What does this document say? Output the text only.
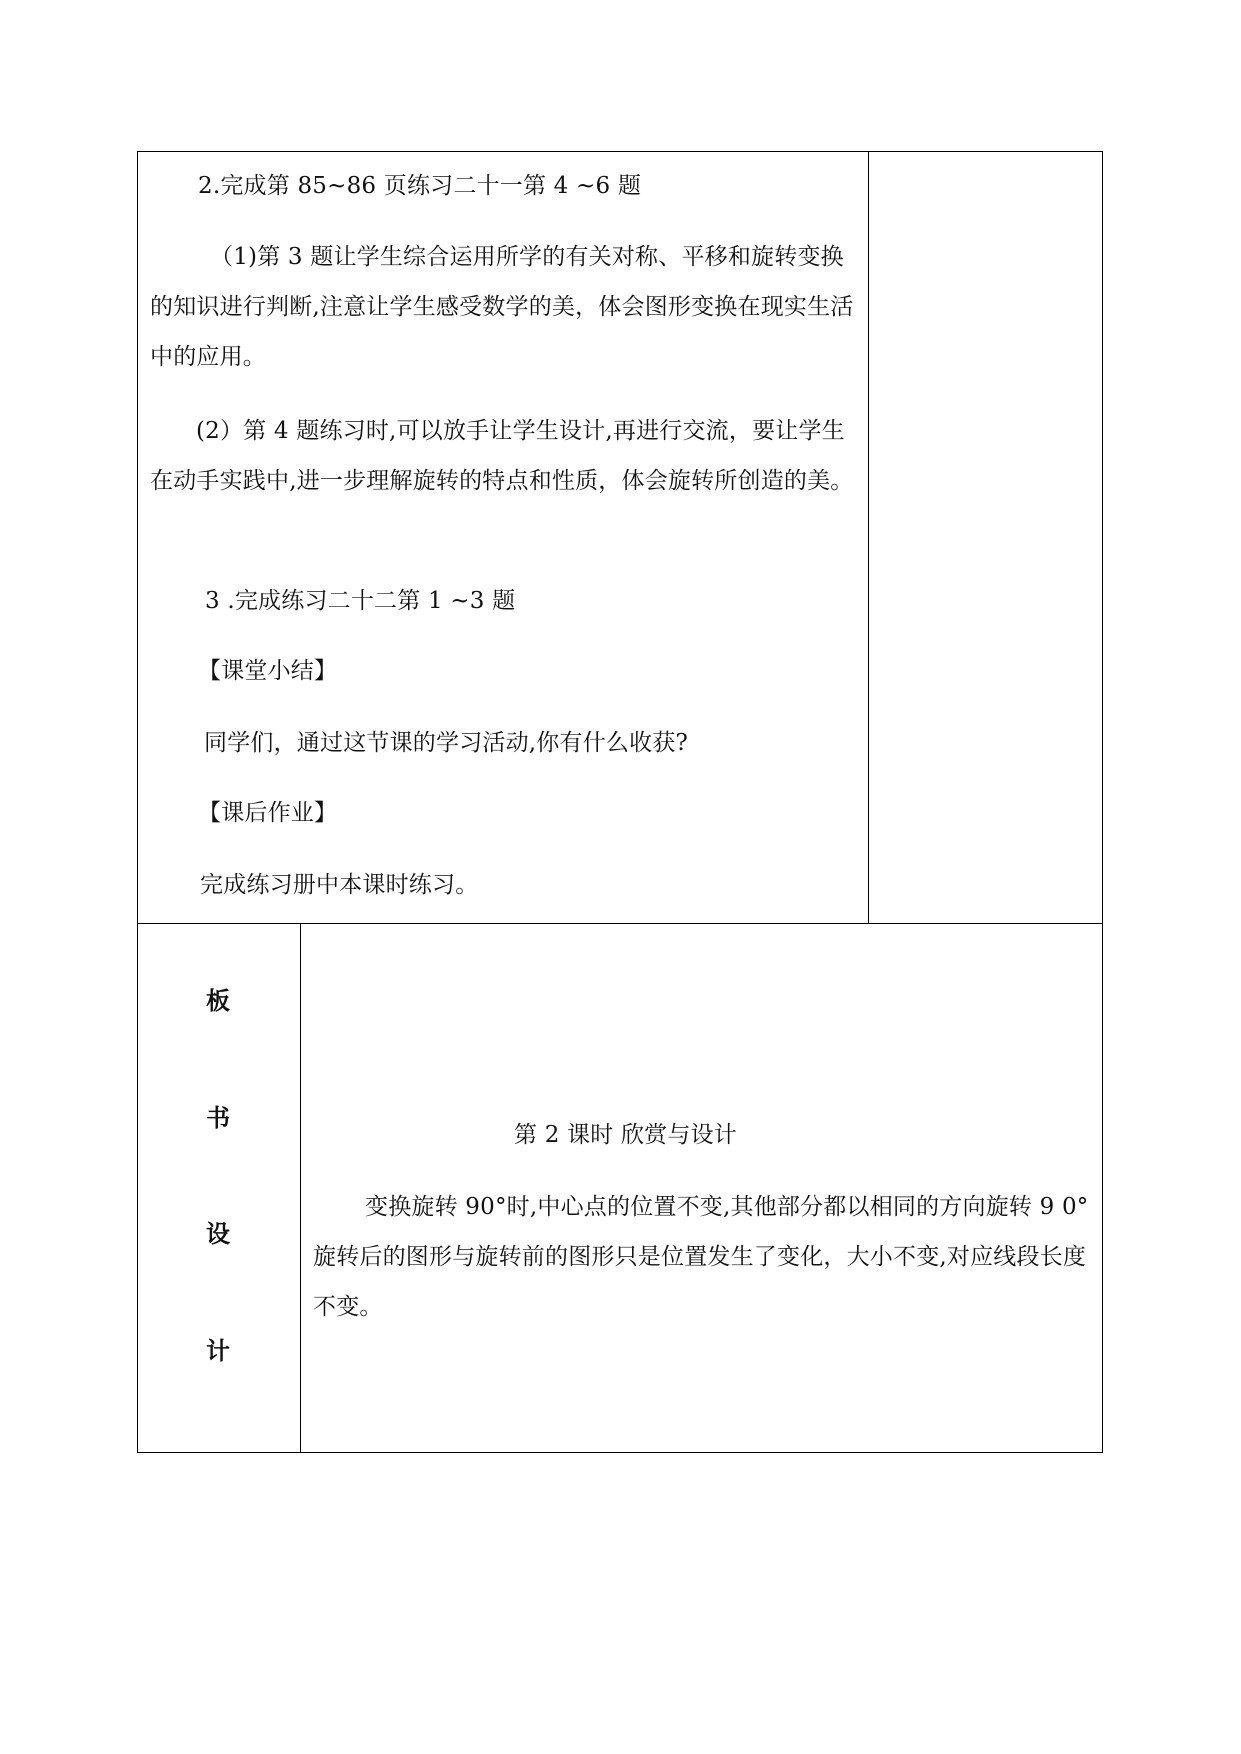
2.完成第 85~86 页练习二十一第 4 ~6 题
（1)第 3 题让学生综合运用所学的有关对称、平移和旋转变换的知识进行判断,注意让学生感受数学的美，体会图形变换在现实生活中的应用。
(2）第 4 题练习时,可以放手让学生设计,再进行交流，要让学生在动手实践中,进一步理解旋转的特点和性质，体会旋转所创造的美。
3 .完成练习二十二第 1 ~3 题
【课堂小结】
同学们，通过这节课的学习活动,你有什么收获?
【课后作业】
完成练习册中本课时练习。
板
书
设
计
第 2 课时 欣赏与设计
变换旋转 90°时,中心点的位置不变,其他部分都以相同的方向旋转 9 0°旋转后的图形与旋转前的图形只是位置发生了变化，大小不变,对应线段长度不变。
